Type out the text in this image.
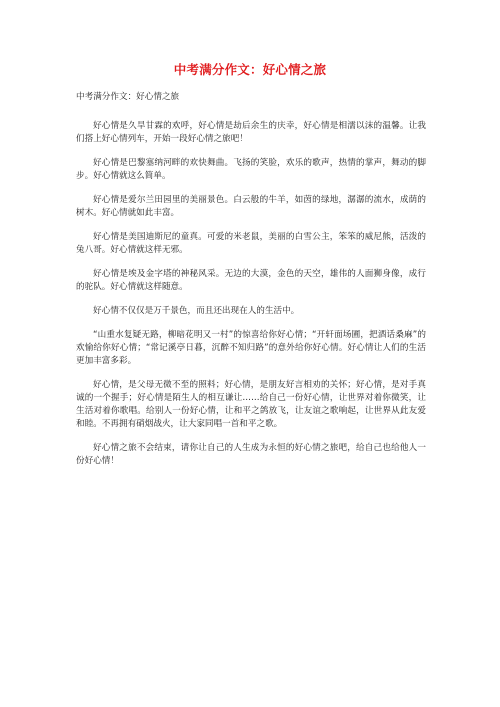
中考满分作文：好心情之旅
中考满分作文：好心情之旅

好心情是久旱甘霖的欢呼，好心情是劫后余生的庆幸，好心情是相濡以沫的温馨。让我们搭上好心情列车，开始一段好心情之旅吧！

好心情是巴黎塞纳河畔的欢快舞曲。飞扬的笑脸，欢乐的歌声，热情的掌声，舞动的脚步。好心情就这么简单。

好心情是爱尔兰田园里的美丽景色。白云般的牛羊，如茵的绿地，潺潺的流水，成荫的树木。好心情就如此丰富。

好心情是美国迪斯尼的童真。可爱的米老鼠，美丽的白雪公主，笨笨的威尼熊，活泼的兔八哥。好心情就这样无邪。

好心情是埃及金字塔的神秘风采。无边的大漠，金色的天空，雄伟的人面狮身像，成行的驼队。好心情就这样随意。

好心情不仅仅是万千景色，而且还出现在人的生活中。

“山重水复疑无路，柳暗花明又一村”的惊喜给你好心情；“开轩面场圃，把酒话桑麻”的欢愉给你好心情；“常记溪亭日暮，沉醉不知归路”的意外给你好心情。好心情让人们的生活更加丰富多彩。

好心情，是父母无微不至的照料；好心情，是朋友好言相劝的关怀；好心情，是对手真诚的一个握手；好心情是陌生人的相互谦让……给自己一份好心情，让世界对着你微笑，让生活对着你歌唱。给别人一份好心情，让和平之鸽放飞，让友谊之歌响起，让世界从此友爱和睦。不再拥有硝烟战火，让大家同唱一首和平之歌。

好心情之旅不会结束，请你让自己的人生成为永恒的好心情之旅吧，给自己也给他人一份好心情！
